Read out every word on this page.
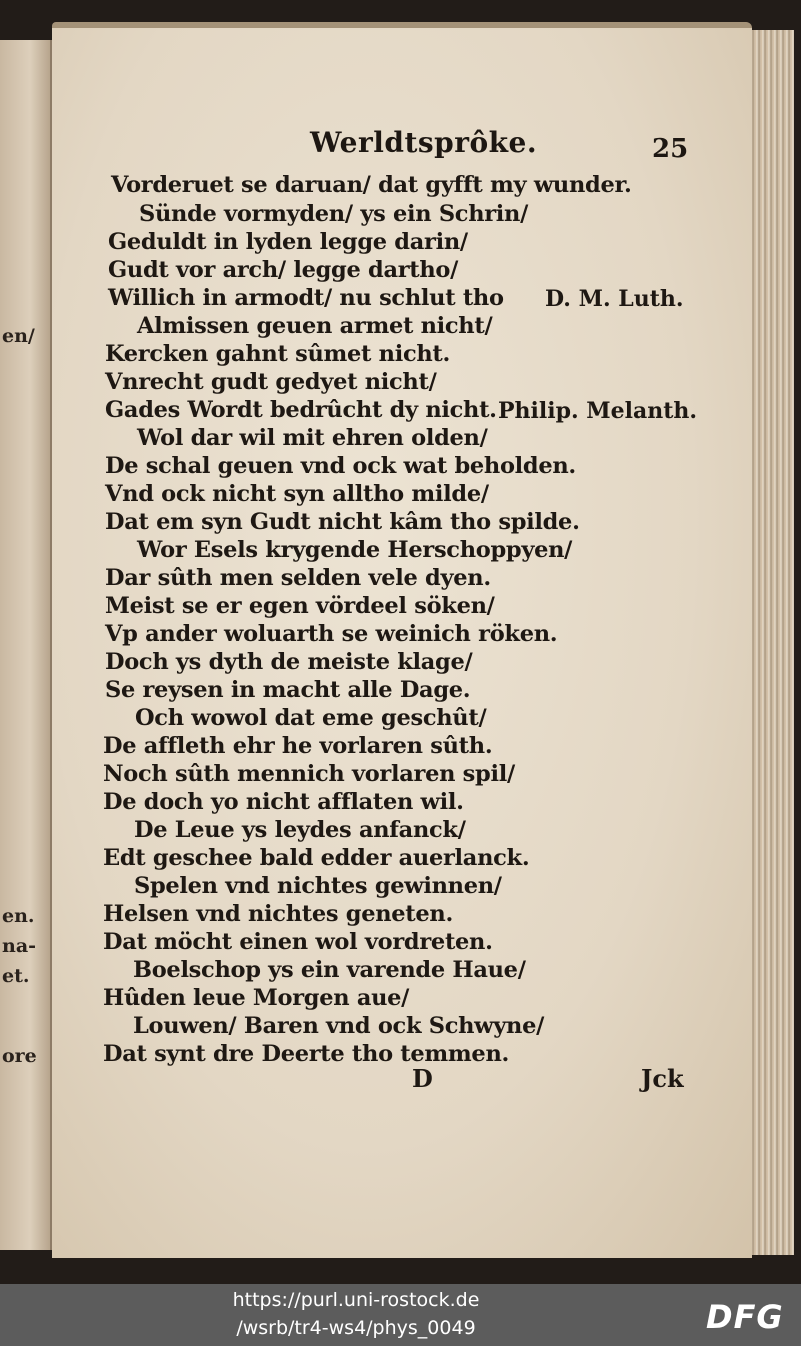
en/
en.
na-
et.
ore
Werldtsprôke.	25
Vorderuet se daruan/ dat gyfft my wunder.
Sünde vormyden/ ys ein Schrin/
Geduldt in lyden legge darin/
Gudt vor arch/ legge dartho/
Willich in armodt/ nu schlut tho D. M. Luth.
Almissen geuen armet nicht/
Kercken gahnt sûmet nicht.
Vnrecht gudt gedyet nicht/
Gades Wordt bedrûcht dy nicht. Philip. Melanth.
Wol dar wil mit ehren olden/
De schal geuen vnd ock wat beholden.
Vnd ock nicht syn alltho milde/
Dat em syn Gudt nicht kâm tho spilde.
Wor Esels krygende Herschoppyen/
Dar sûth men selden vele dyen.
Meist se er egen vördeel söken/
Vp ander woluarth se weinich röken.
Doch ys dyth de meiste klage/
Se reysen in macht alle Dage.
Och wowol dat eme geschût/
De affleth ehr he vorlaren sûth.
Noch sûth mennich vorlaren spil/
De doch yo nicht afflaten wil.
De Leue ys leydes anfanck/
Edt geschee bald edder auerlanck.
Spelen vnd nichtes gewinnen/
Helsen vnd nichtes geneten.
Dat möcht einen wol vordreten.
Boelschop ys ein varende Haue/
Hûden leue Morgen aue/
Louwen/ Baren vnd ock Schwyne/
Dat synt dre Deerte tho temmen.
D	Jck
https://purl.uni-rostock.de
/wsrb/tr4-ws4/phys_0049	DFG
